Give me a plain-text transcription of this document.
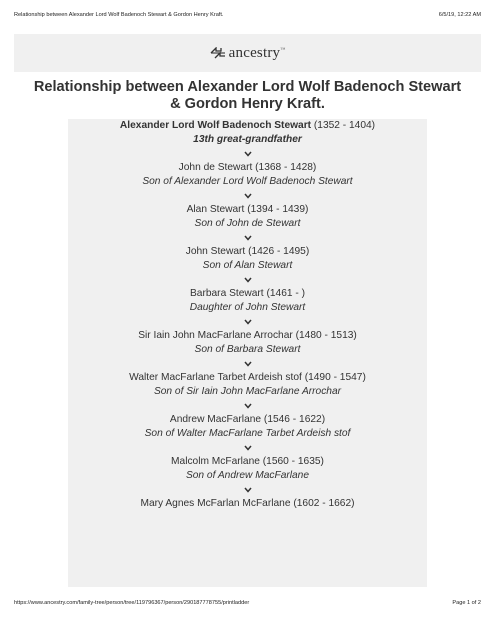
Relationship between Alexander Lord Wolf Badenoch Stewart & Gordon Henry Kraft.	6/5/19, 12:22 AM
ancestry™
Relationship between Alexander Lord Wolf Badenoch Stewart & Gordon Henry Kraft.
Alexander Lord Wolf Badenoch Stewart (1352 - 1404)
13th great-grandfather
John de Stewart (1368 - 1428)
Son of Alexander Lord Wolf Badenoch Stewart
Alan Stewart (1394 - 1439)
Son of John de Stewart
John Stewart (1426 - 1495)
Son of Alan Stewart
Barbara Stewart (1461 - )
Daughter of John Stewart
Sir Iain John MacFarlane Arrochar (1480 - 1513)
Son of Barbara Stewart
Walter MacFarlane Tarbet Ardeish stof (1490 - 1547)
Son of Sir Iain John MacFarlane Arrochar
Andrew MacFarlane (1546 - 1622)
Son of Walter MacFarlane Tarbet Ardeish stof
Malcolm McFarlane (1560 - 1635)
Son of Andrew MacFarlane
Mary Agnes McFarlan McFarlane (1602 - 1662)
https://www.ancestry.com/family-tree/person/tree/119796367/person/290187778755/printladder	Page 1 of 2
